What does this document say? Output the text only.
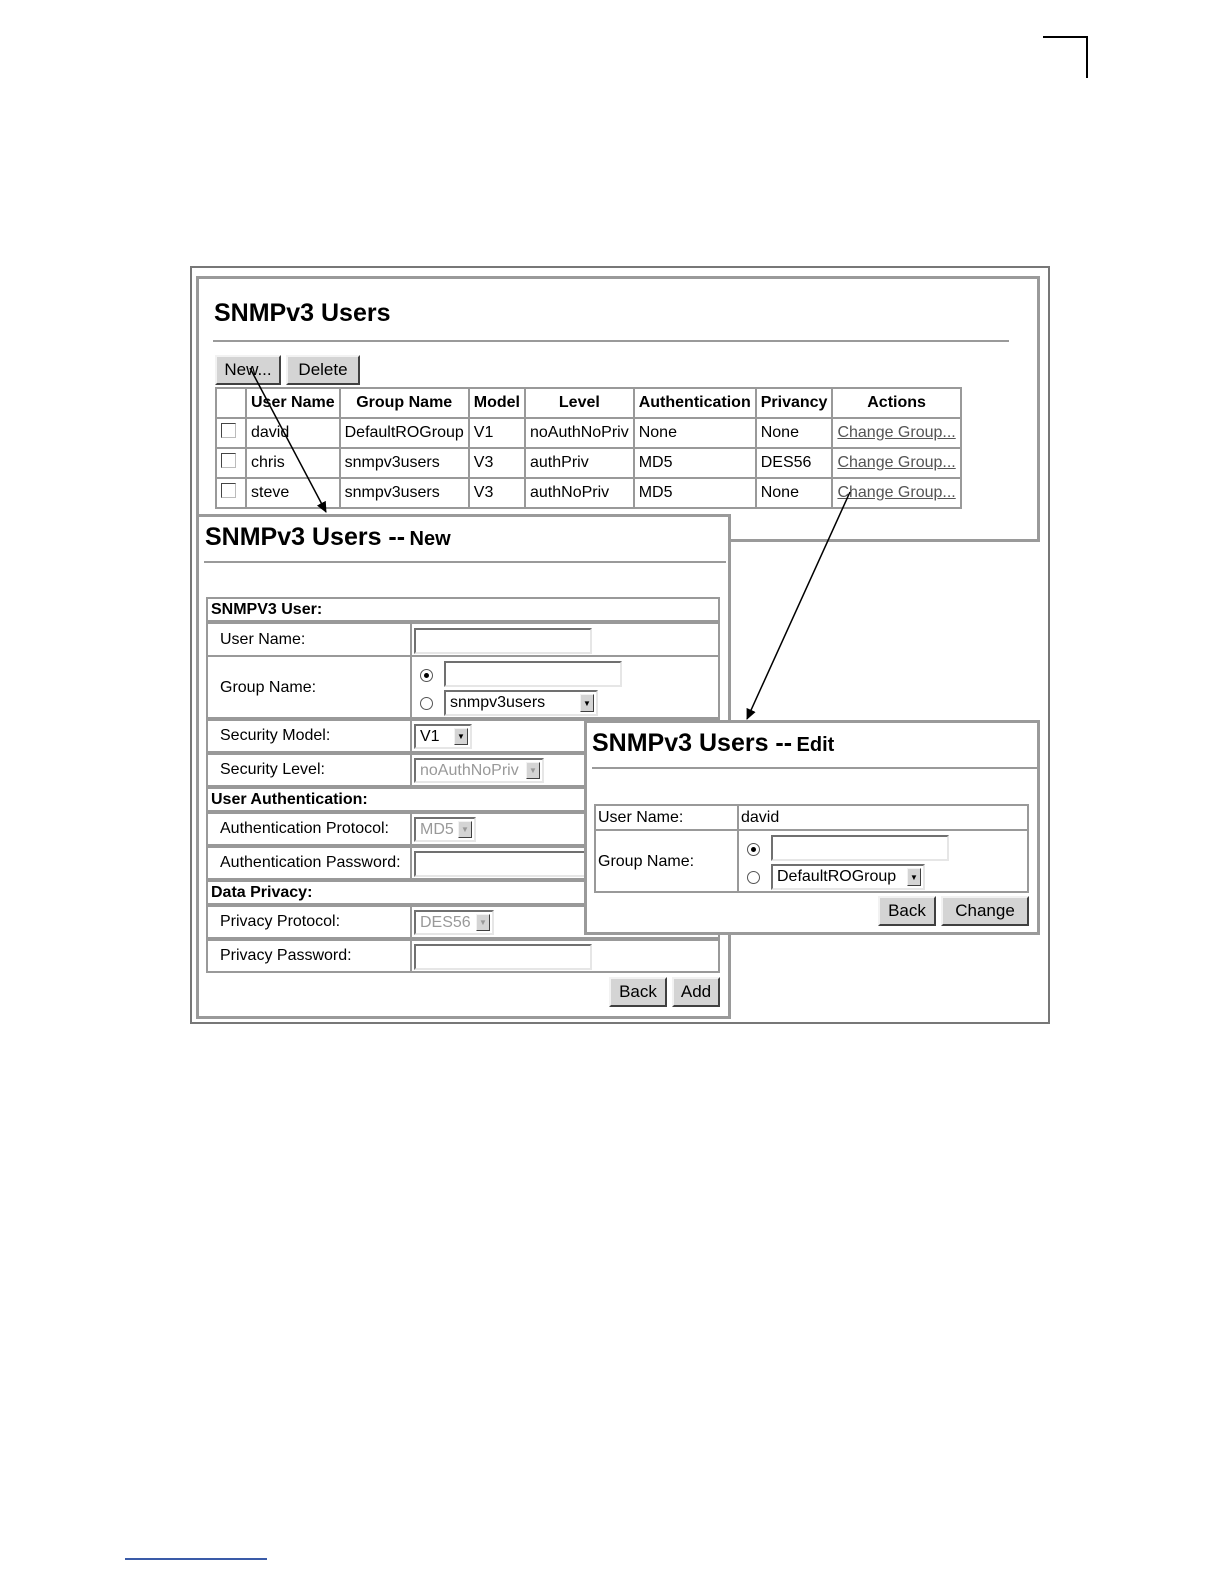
SNMPv3 Users
New...	Delete
	User Name	Group Name	Model	Level	Authentication	Privancy	Actions
	david	DefaultROGroup	V1	noAuthNoPriv	None	None	Change Group...
	chris	snmpv3users	V3	authPriv	MD5	DES56	Change Group...
	steve	snmpv3users	V3	authNoPriv	MD5	None	Change Group...
SNMPv3 Users -- New
SNMPV3 User:
User Name:
Group Name:
snmpv3users	▼
Security Model:	V1	▼
Security Level:	noAuthNoPriv	▼
User Authentication:
Authentication Protocol: MD5 ▼
Authentication Password:
Data Privacy:
Privacy Protocol:	DES56	▼
Privacy Password:
Back	Add
SNMPv3 Users -- Edit
User Name:	david
Group Name:
DefaultROGroup	▼
Back	Change
